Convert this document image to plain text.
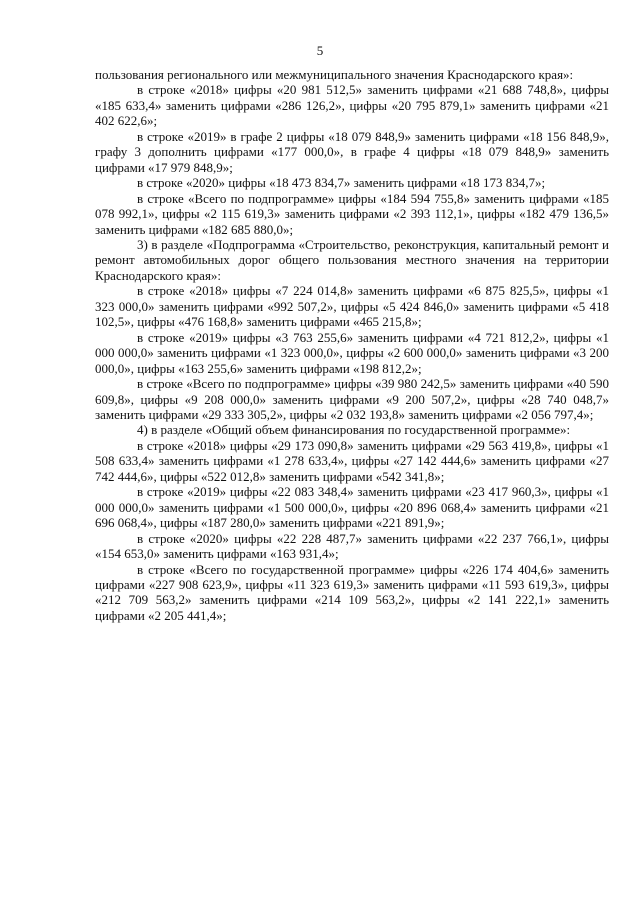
5

пользования регионального или межмуниципального значения Краснодарского края»:

в строке «2018» цифры «20 981 512,5» заменить цифрами «21 688 748,8», цифры «185 633,4» заменить цифрами «286 126,2», цифры «20 795 879,1» заменить цифрами «21 402 622,6»;

в строке «2019» в графе 2 цифры «18 079 848,9» заменить цифрами «18 156 848,9», графу 3 дополнить цифрами «177 000,0», в графе 4 цифры «18 079 848,9» заменить цифрами «17 979 848,9»;

в строке «2020» цифры «18 473 834,7» заменить цифрами «18 173 834,7»;

в строке «Всего по подпрограмме» цифры «184 594 755,8» заменить цифрами «185 078 992,1», цифры «2 115 619,3» заменить цифрами «2 393 112,1», цифры «182 479 136,5» заменить цифрами «182 685 880,0»;

3) в разделе «Подпрограмма «Строительство, реконструкция, капитальный ремонт и ремонт автомобильных дорог общего пользования местного значения на территории Краснодарского края»:

в строке «2018» цифры «7 224 014,8» заменить цифрами «6 875 825,5», цифры «1 323 000,0» заменить цифрами «992 507,2», цифры «5 424 846,0» заменить цифрами «5 418 102,5», цифры «476 168,8» заменить цифрами «465 215,8»;

в строке «2019» цифры «3 763 255,6» заменить цифрами «4 721 812,2», цифры «1 000 000,0» заменить цифрами «1 323 000,0», цифры «2 600 000,0» заменить цифрами «3 200 000,0», цифры «163 255,6» заменить цифрами «198 812,2»;

в строке «Всего по подпрограмме» цифры «39 980 242,5» заменить цифрами «40 590 609,8», цифры «9 208 000,0» заменить цифрами «9 200 507,2», цифры «28 740 048,7» заменить цифрами «29 333 305,2», цифры «2 032 193,8» заменить цифрами «2 056 797,4»;

4) в разделе «Общий объем финансирования по государственной программе»:

в строке «2018» цифры «29 173 090,8» заменить цифрами «29 563 419,8», цифры «1 508 633,4» заменить цифрами «1 278 633,4», цифры «27 142 444,6» заменить цифрами «27 742 444,6», цифры «522 012,8» заменить цифрами «542 341,8»;

в строке «2019» цифры «22 083 348,4» заменить цифрами «23 417 960,3», цифры «1 000 000,0» заменить цифрами «1 500 000,0», цифры «20 896 068,4» заменить цифрами «21 696 068,4», цифры «187 280,0» заменить цифрами «221 891,9»;

в строке «2020» цифры «22 228 487,7» заменить цифрами «22 237 766,1», цифры «154 653,0» заменить цифрами «163 931,4»;

в строке «Всего по государственной программе» цифры «226 174 404,6» заменить цифрами «227 908 623,9», цифры «11 323 619,3» заменить цифрами «11 593 619,3», цифры «212 709 563,2» заменить цифрами «214 109 563,2», цифры «2 141 222,1» заменить цифрами «2 205 441,4»;
